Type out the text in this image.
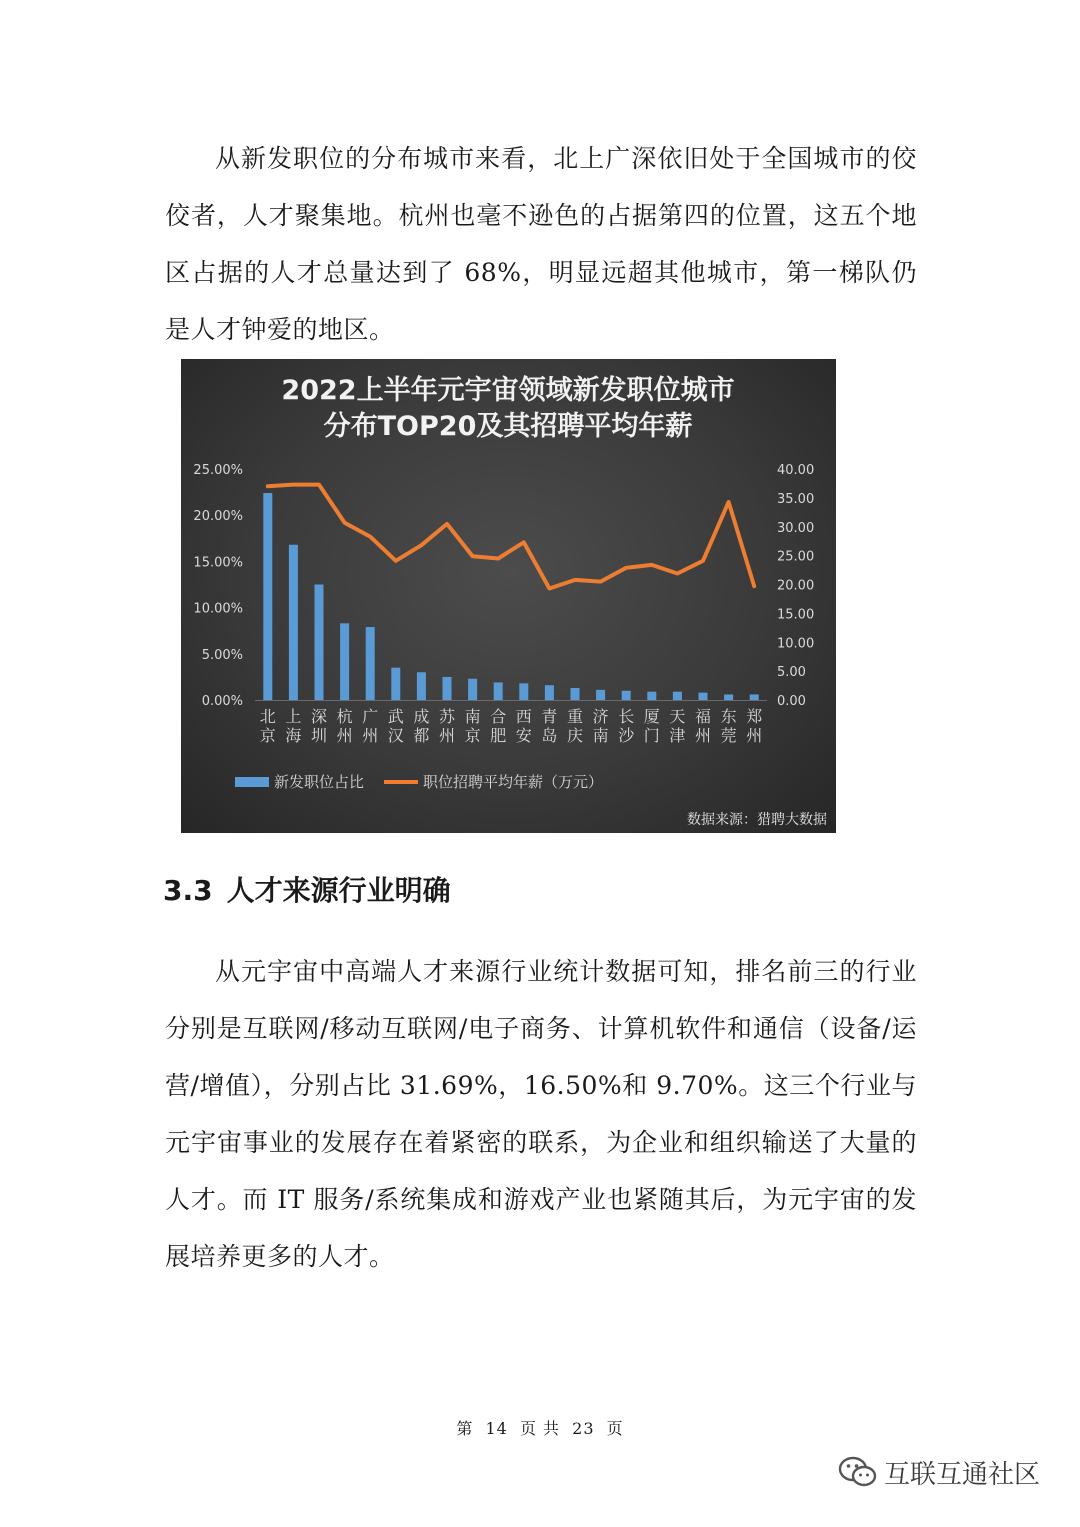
从新发职位的分布城市来看，北上广深依旧处于全国城市的佼佼者，人才聚集地。杭州也毫不逊色的占据第四的位置，这五个地区占据的人才总量达到了 68%，明显远超其他城市，第一梯队仍是人才钟爱的地区。

2022上半年元宇宙领域新发职位城市
分布TOP20及其招聘平均年薪
25.00%
20.00%
15.00%
10.00%
5.00%
0.00%
40.00
35.00
30.00
25.00
20.00
15.00
10.00
5.00
0.00
北
京
上
海
深
圳
杭
州
广
州
武
汉
成
都
苏
州
南
京
合
肥
西
安
青
岛
重
庆
济
南
长
沙
厦
门
天
津
福
州
东
莞
郑
州
新发职位占比	职位招聘平均年薪（万元）
数据来源：猎聘大数据
3.3 人才来源行业明确

从元宇宙中高端人才来源行业统计数据可知，排名前三的行业分别是互联网/移动互联网/电子商务、计算机软件和通信（设备/运营/增值），分别占比 31.69%，16.50%和 9.70%。这三个行业与元宇宙事业的发展存在着紧密的联系，为企业和组织输送了大量的人才。而 IT 服务/系统集成和游戏产业也紧随其后，为元宇宙的发展培养更多的人才。

第 14 页 共 23 页
互联互通社区
